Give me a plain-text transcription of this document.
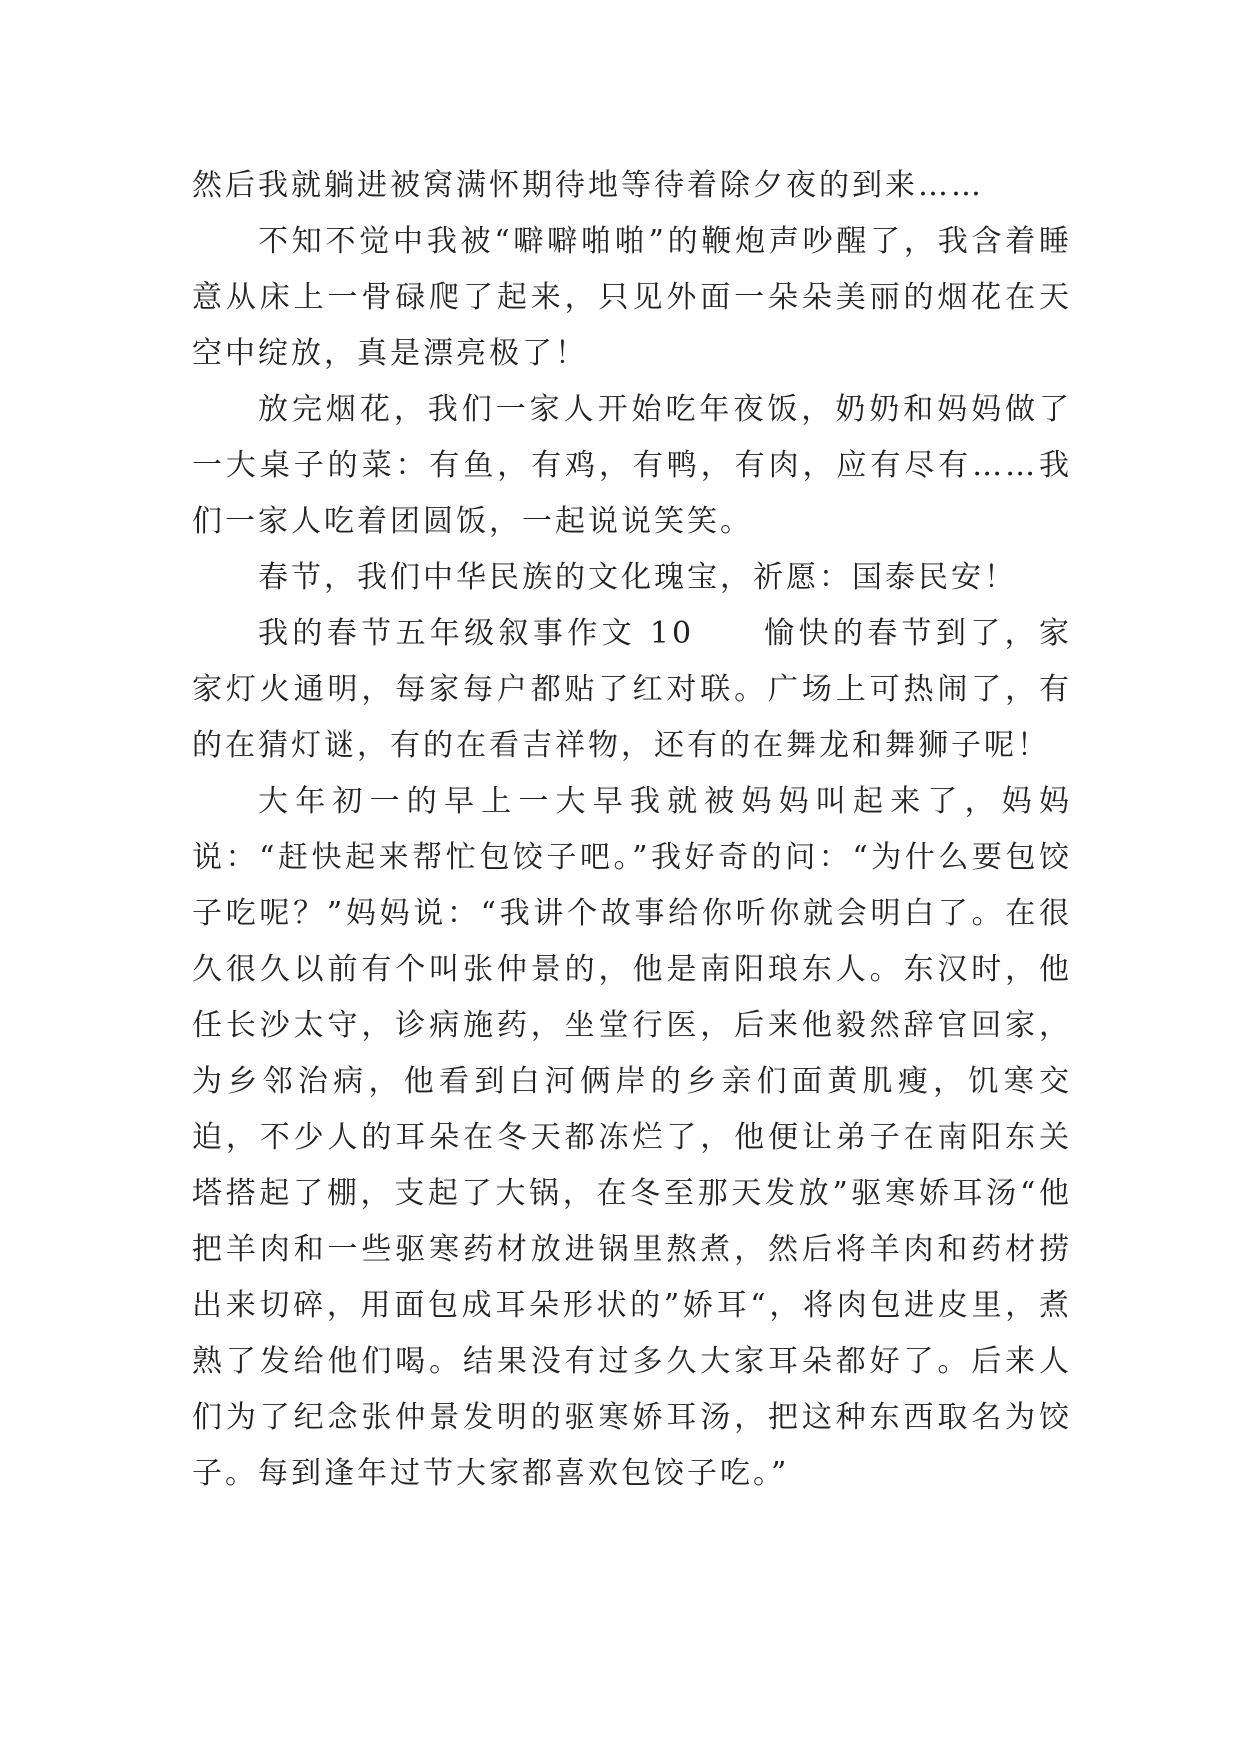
然后我就躺进被窝满怀期待地等待着除夕夜的到来……

不知不觉中我被“噼噼啪啪”的鞭炮声吵醒了，我含着睡意从床上一骨碌爬了起来，只见外面一朵朵美丽的烟花在天空中绽放，真是漂亮极了！

放完烟花，我们一家人开始吃年夜饭，奶奶和妈妈做了一大桌子的菜：有鱼，有鸡，有鸭，有肉，应有尽有……我们一家人吃着团圆饭，一起说说笑笑。

春节，我们中华民族的文化瑰宝，祈愿：国泰民安！

我的春节五年级叙事作文 10　　愉快的春节到了，家家灯火通明，每家每户都贴了红对联。广场上可热闹了，有的在猜灯谜，有的在看吉祥物，还有的在舞龙和舞狮子呢！

大年初一的早上一大早我就被妈妈叫起来了，妈妈说：“赶快起来帮忙包饺子吧。”我好奇的问：“为什么要包饺子吃呢？”妈妈说：“我讲个故事给你听你就会明白了。在很久很久以前有个叫张仲景的，他是南阳琅东人。东汉时，他任长沙太守，诊病施药，坐堂行医，后来他毅然辞官回家，为乡邻治病，他看到白河俩岸的乡亲们面黄肌瘦，饥寒交迫，不少人的耳朵在冬天都冻烂了，他便让弟子在南阳东关塔搭起了棚，支起了大锅，在冬至那天发放”驱寒娇耳汤“他把羊肉和一些驱寒药材放进锅里熬煮，然后将羊肉和药材捞出来切碎，用面包成耳朵形状的”娇耳“，将肉包进皮里，煮熟了发给他们喝。结果没有过多久大家耳朵都好了。后来人们为了纪念张仲景发明的驱寒娇耳汤，把这种东西取名为饺子。每到逢年过节大家都喜欢包饺子吃。”
